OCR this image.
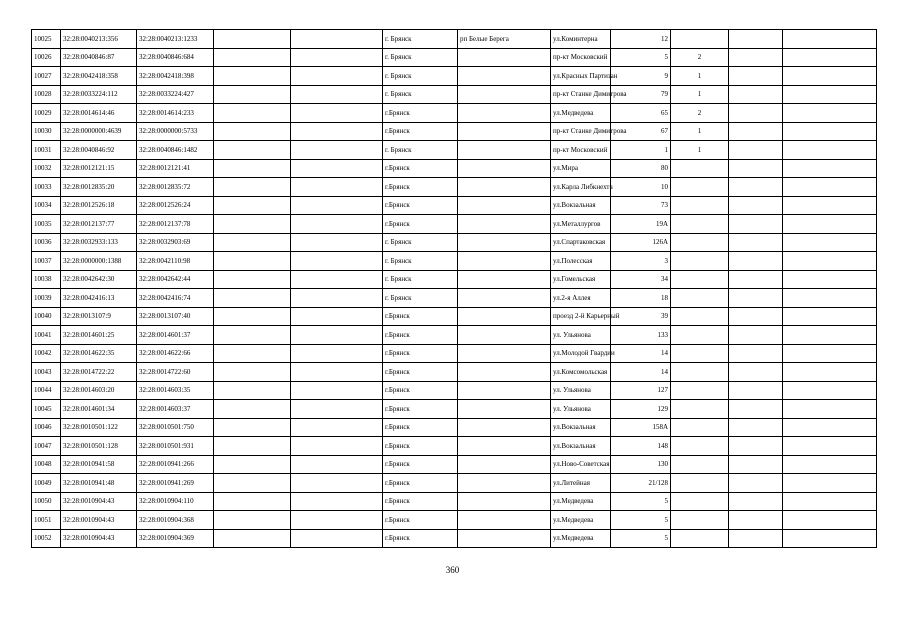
10025	32:28:0040213:356	32:28:0040213:1233			г. Брянск	рп Белые Берега	ул.Коминтерна	12			
10026	32:28:0040846:87	32:28:0040846:684			г. Брянск		пр-кт Московский	5	2		
10027	32:28:0042418:358	32:28:0042418:398			г. Брянск		ул.Красных Партизан	9	1		
10028	32:28:0033224:112	32:28:0033224:427			г. Брянск		пр-кт Станке Димитрова	79	1		
10029	32:28:0014614:46	32:28:0014614:233			г.Брянск		ул.Медведева	65	2		
10030	32:28:0000000:4639	32:28:0000000:5733			г.Брянск		пр-кт Станке Димитрова	67	1		
10031	32:28:0040846:92	32:28:0040846:1482			г. Брянск		пр-кт Московский	1	1		
10032	32:28:0012121:15	32:28:0012121:41			г.Брянск		ул.Мира	80			
10033	32:28:0012835:20	32:28:0012835:72			г.Брянск		ул.Карла Либкнехта	10			
10034	32:28:0012526:18	32:28:0012526:24			г.Брянск		ул.Вокзальная	73			
10035	32:28:0012137:77	32:28:0012137:78			г.Брянск		ул.Металлургов	19А			
10036	32:28:0032933:133	32:28:0032903:69			г. Брянск		ул.Спартаковская	126А			
10037	32:28:0000000:1388	32:28:0042110:98			г. Брянск		ул.Полесская	3			
10038	32:28:0042642:30	32:28:0042642:44			г. Брянск		ул.Гомельская	34			
10039	32:28:0042416:13	32:28:0042416:74			г. Брянск		ул.2-я Аллея	18			
10040	32:28:0013107:9	32:28:0013107:40			г.Брянск		проезд 2-й Карьерный	39			
10041	32:28:0014601:25	32:28:0014601:37			г.Брянск		ул. Ульянова	133			
10042	32:28:0014622:35	32:28:0014622:66			г.Брянск		ул.Молодой Гвардии	14			
10043	32:28:0014722:22	32:28:0014722:60			г.Брянск		ул.Комсомольская	14			
10044	32:28:0014603:20	32:28:0014603:35			г.Брянск		ул. Ульянова	127			
10045	32:28:0014601:34	32:28:0014603:37			г.Брянск		ул. Ульянова	129			
10046	32:28:0010501:122	32:28:0010501:750			г.Брянск		ул.Вокзальная	158А			
10047	32:28:0010501:128	32:28:0010501:931			г.Брянск		ул.Вокзальная	148			
10048	32:28:0010941:58	32:28:0010941:266			г.Брянск		ул.Ново-Советская	130			
10049	32:28:0010941:48	32:28:0010941:269			г.Брянск		ул.Литейная	21/128			
10050	32:28:0010904:43	32:28:0010904:110			г.Брянск		ул.Медведева	5			
10051	32:28:0010904:43	32:28:0010904:368			г.Брянск		ул.Медведева	5			
10052	32:28:0010904:43	32:28:0010904:369			г.Брянск		ул.Медведева	5			
360
